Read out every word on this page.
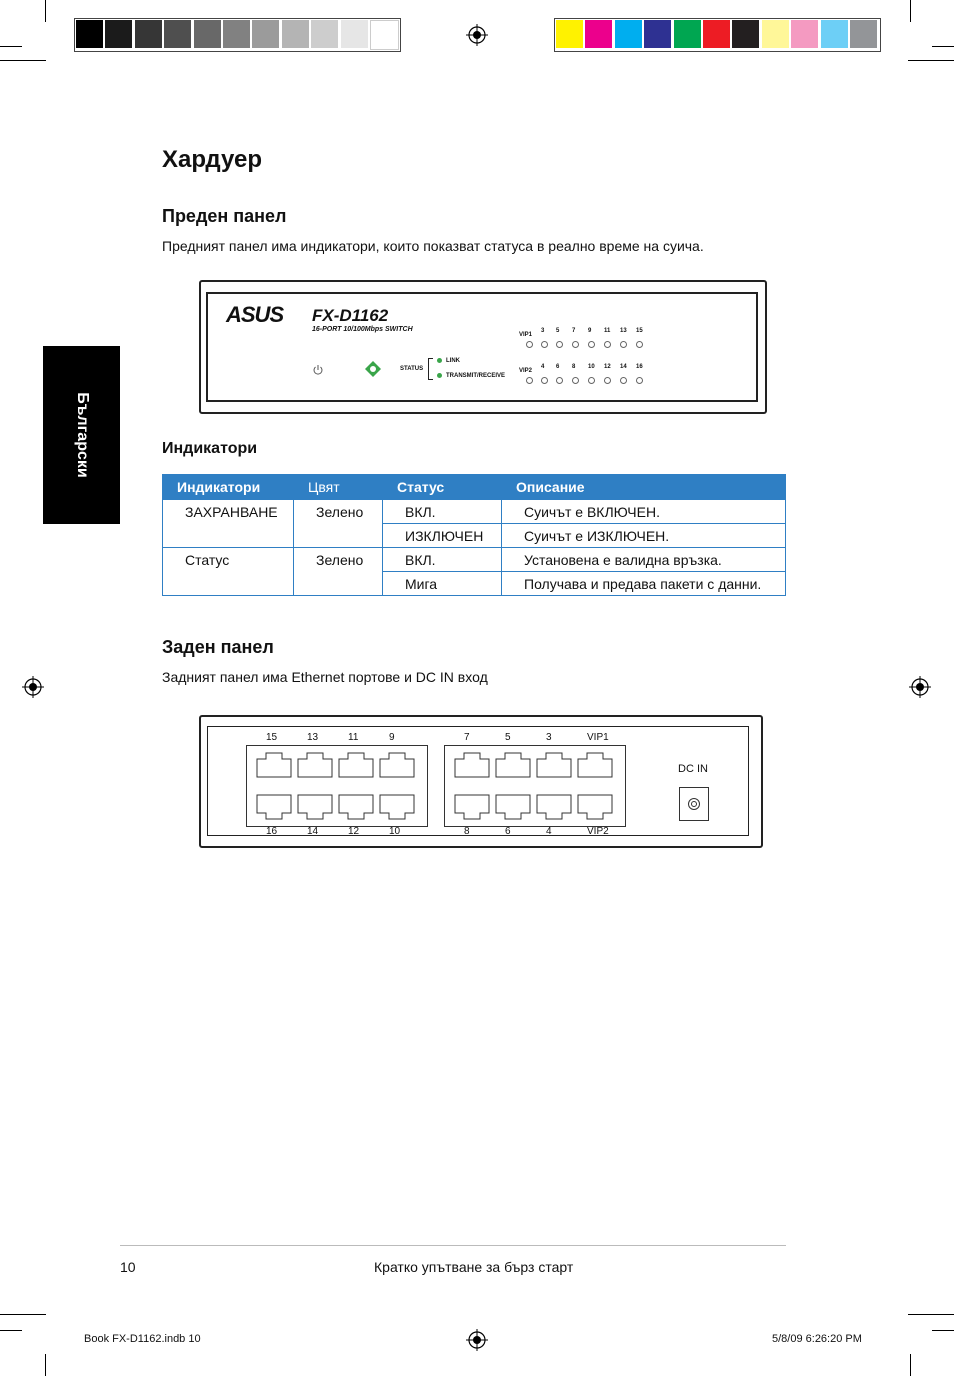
Български
Хардуер
Преден панел
Предният панел има индикатори, които показват статуса в реално време на суича.
ASUS FX-D1162
16-PORT 10/100Mbps SWITCH
STATUS
LINK
TRANSMIT/RECEIVE
VIP1
VIP2
3 5 7 9 11 13 15
4 6 8 10 12 14 16
Индикатори
Индикатори	Цвят	Статус	Описание
ЗАХРАНВАНЕ	Зелено	ВКЛ.	Суичът е ВКЛЮЧЕН.
		ИЗКЛЮЧЕН	Суичът е ИЗКЛЮЧЕН.
Статус	Зелено	ВКЛ.	Установена е валидна връзка.
		Мига	Получава и предава пакети с данни.
Заден панел
Задният панел има Ethernet портове и DC IN вход
15
16
13
14
11
12
9
10
7
8
5
6
3
4
VIP1
VIP2
DC IN
10	Кратко упътване за бърз старт
Book FX-D1162.indb 10	5/8/09 6:26:20 PM
